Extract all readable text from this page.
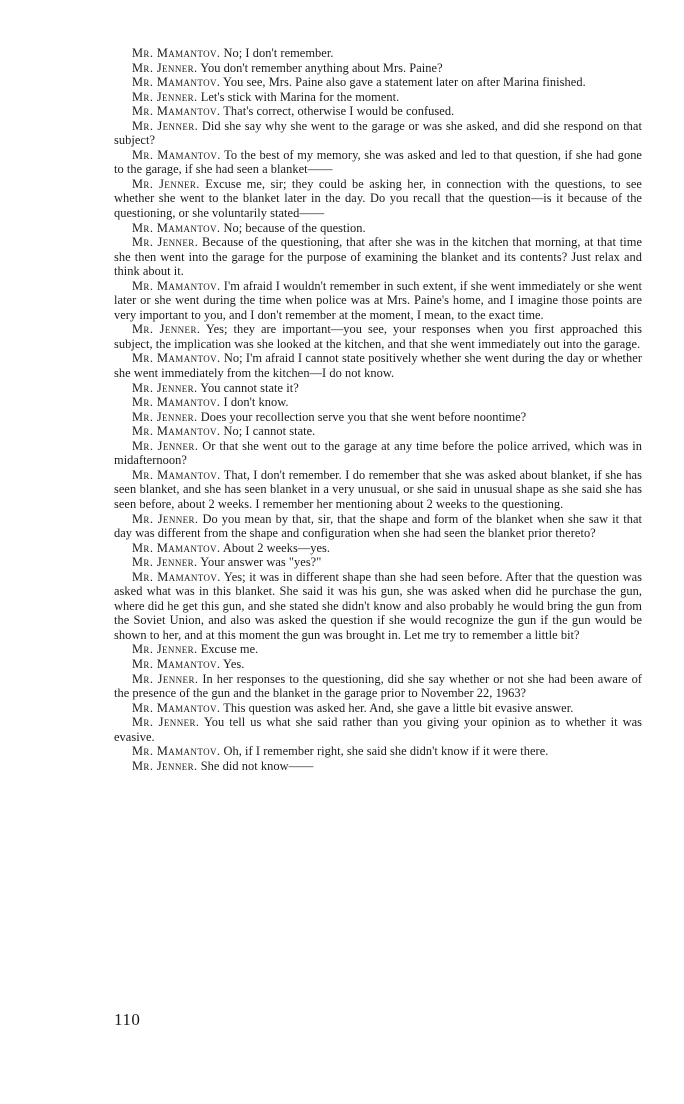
Mr. Mamantov. No; I don't remember.

Mr. Jenner. You don't remember anything about Mrs. Paine?

Mr. Mamantov. You see, Mrs. Paine also gave a statement later on after Marina finished.

Mr. Jenner. Let's stick with Marina for the moment.

Mr. Mamantov. That's correct, otherwise I would be confused.

Mr. Jenner. Did she say why she went to the garage or was she asked, and did she respond on that subject?

Mr. Mamantov. To the best of my memory, she was asked and led to that question, if she had gone to the garage, if she had seen a blanket——

Mr. Jenner. Excuse me, sir; they could be asking her, in connection with the questions, to see whether she went to the blanket later in the day. Do you recall that the question—is it because of the questioning, or she voluntarily stated——

Mr. Mamantov. No; because of the question.

Mr. Jenner. Because of the questioning, that after she was in the kitchen that morning, at that time she then went into the garage for the purpose of examining the blanket and its contents? Just relax and think about it.

Mr. Mamantov. I'm afraid I wouldn't remember in such extent, if she went immediately or she went later or she went during the time when police was at Mrs. Paine's home, and I imagine those points are very important to you, and I don't remember at the moment, I mean, to the exact time.

Mr. Jenner. Yes; they are important—you see, your responses when you first approached this subject, the implication was she looked at the kitchen, and that she went immediately out into the garage.

Mr. Mamantov. No; I'm afraid I cannot state positively whether she went during the day or whether she went immediately from the kitchen—I do not know.

Mr. Jenner. You cannot state it?

Mr. Mamantov. I don't know.

Mr. Jenner. Does your recollection serve you that she went before noontime?

Mr. Mamantov. No; I cannot state.

Mr. Jenner. Or that she went out to the garage at any time before the police arrived, which was in midafternoon?

Mr. Mamantov. That, I don't remember. I do remember that she was asked about blanket, if she has seen blanket, and she has seen blanket in a very unusual, or she said in unusual shape as she said she has seen before, about 2 weeks. I remember her mentioning about 2 weeks to the questioning.

Mr. Jenner. Do you mean by that, sir, that the shape and form of the blanket when she saw it that day was different from the shape and configuration when she had seen the blanket prior thereto?

Mr. Mamantov. About 2 weeks—yes.

Mr. Jenner. Your answer was "yes?"

Mr. Mamantov. Yes; it was in different shape than she had seen before. After that the question was asked what was in this blanket. She said it was his gun, she was asked when did he purchase the gun, where did he get this gun, and she stated she didn't know and also probably he would bring the gun from the Soviet Union, and also was asked the question if she would recognize the gun if the gun would be shown to her, and at this moment the gun was brought in. Let me try to remember a little bit?

Mr. Jenner. Excuse me.

Mr. Mamantov. Yes.

Mr. Jenner. In her responses to the questioning, did she say whether or not she had been aware of the presence of the gun and the blanket in the garage prior to November 22, 1963?

Mr. Mamantov. This question was asked her. And, she gave a little bit evasive answer.

Mr. Jenner. You tell us what she said rather than you giving your opinion as to whether it was evasive.

Mr. Mamantov. Oh, if I remember right, she said she didn't know if it were there.

Mr. Jenner. She did not know——

110
